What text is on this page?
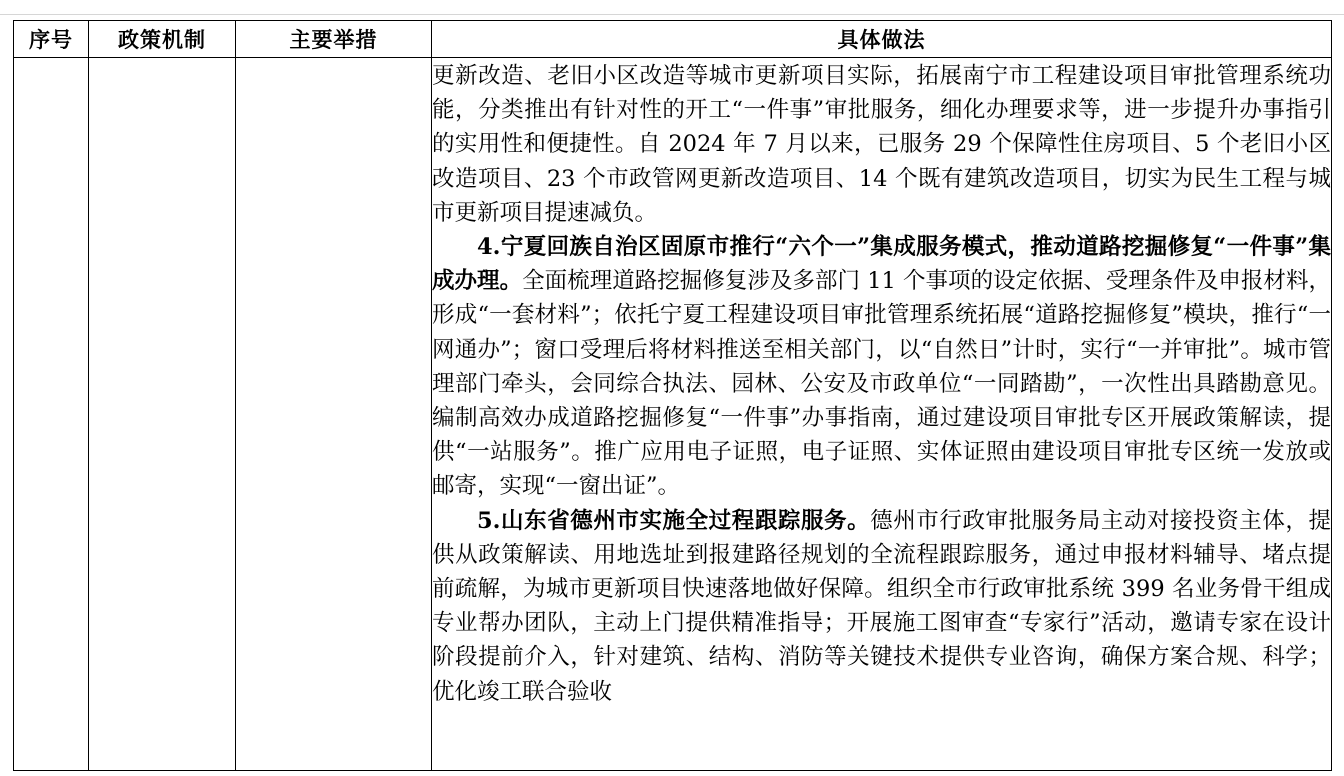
序号	政策机制	主要举措	具体做法

			更新改造、老旧小区改造等城市更新项目实际，拓展南宁市工程建设项目审批管理系统功能，分类推出有针对性的开工“一件事”审批服务，细化办理要求等，进一步提升办事指引的实用性和便捷性。自 2024 年 7 月以来，已服务 29 个保障性住房项目、5 个老旧小区改造项目、23 个市政管网更新改造项目、14 个既有建筑改造项目，切实为民生工程与城市更新项目提速减负。

4.宁夏回族自治区固原市推行“六个一”集成服务模式，推动道路挖掘修复“一件事”集成办理。全面梳理道路挖掘修复涉及多部门 11 个事项的设定依据、受理条件及申报材料，形成“一套材料”；依托宁夏工程建设项目审批管理系统拓展“道路挖掘修复”模块，推行“一网通办”；窗口受理后将材料推送至相关部门，以“自然日”计时，实行“一并审批”。城市管理部门牵头，会同综合执法、园林、公安及市政单位“一同踏勘”，一次性出具踏勘意见。编制高效办成道路挖掘修复“一件事”办事指南，通过建设项目审批专区开展政策解读，提供“一站服务”。推广应用电子证照，电子证照、实体证照由建设项目审批专区统一发放或邮寄，实现“一窗出证”。

5.山东省德州市实施全过程跟踪服务。德州市行政审批服务局主动对接投资主体，提供从政策解读、用地选址到报建路径规划的全流程跟踪服务，通过申报材料辅导、堵点提前疏解，为城市更新项目快速落地做好保障。组织全市行政审批系统 399 名业务骨干组成专业帮办团队，主动上门提供精准指导；开展施工图审查“专家行”活动，邀请专家在设计阶段提前介入，针对建筑、结构、消防等关键技术提供专业咨询，确保方案合规、科学；优化竣工联合验收
